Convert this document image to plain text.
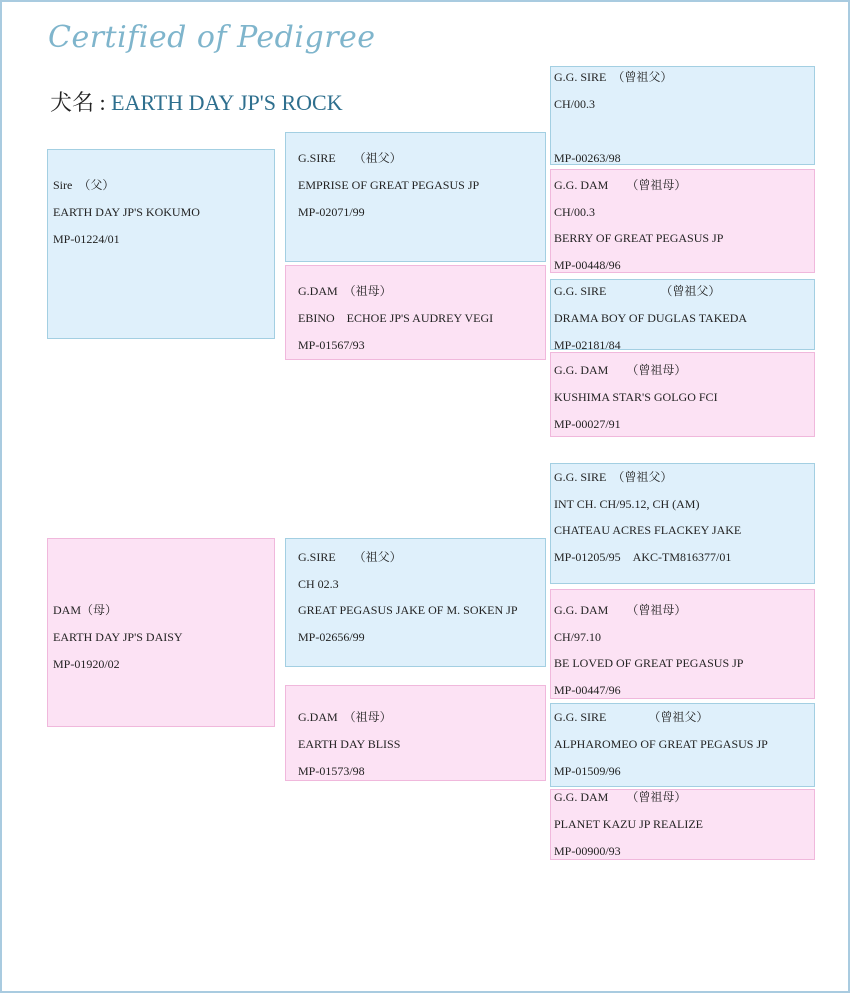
Certified of Pedigree
犬名 : EARTH DAY JP'S ROCK
Sire　（父）
EARTH DAY JP'S KOKUMO
MP-01224/01
DAM（母）
EARTH DAY JP'S DAISY
MP-01920/02
G.SIRE　　（祖父）
EMPRISE OF GREAT PEGASUS JP
MP-02071/99
G.DAM　（祖母）
EBINO　ECHOE JP'S AUDREY VEGI
MP-01567/93
G.SIRE　　（祖父）
CH 02.3
GREAT PEGASUS JAKE OF M. SOKEN JP
MP-02656/99
G.DAM　（祖母）
EARTH DAY BLISS
MP-01573/98
G.G. SIRE　（曾祖父）
CH/00.3
MP-00263/98
G.G. DAM　　（曾祖母）
CH/00.3
BERRY OF GREAT PEGASUS JP
MP-00448/96
G.G. SIRE　　　　　（曾祖父）
DRAMA BOY OF DUGLAS TAKEDA
MP-02181/84
G.G. DAM　　（曾祖母）
KUSHIMA STAR'S GOLGO FCI
MP-00027/91
G.G. SIRE　（曾祖父）
INT CH. CH/95.12, CH (AM)
CHATEAU ACRES FLACKEY JAKE
MP-01205/95　AKC-TM816377/01
G.G. DAM　　（曾祖母）
CH/97.10
BE LOVED OF GREAT PEGASUS JP
MP-00447/96
G.G. SIRE　　　　（曾祖父）
ALPHAROMEO OF GREAT PEGASUS JP
MP-01509/96
G.G. DAM　　（曾祖母）
PLANET KAZU JP REALIZE
MP-00900/93
